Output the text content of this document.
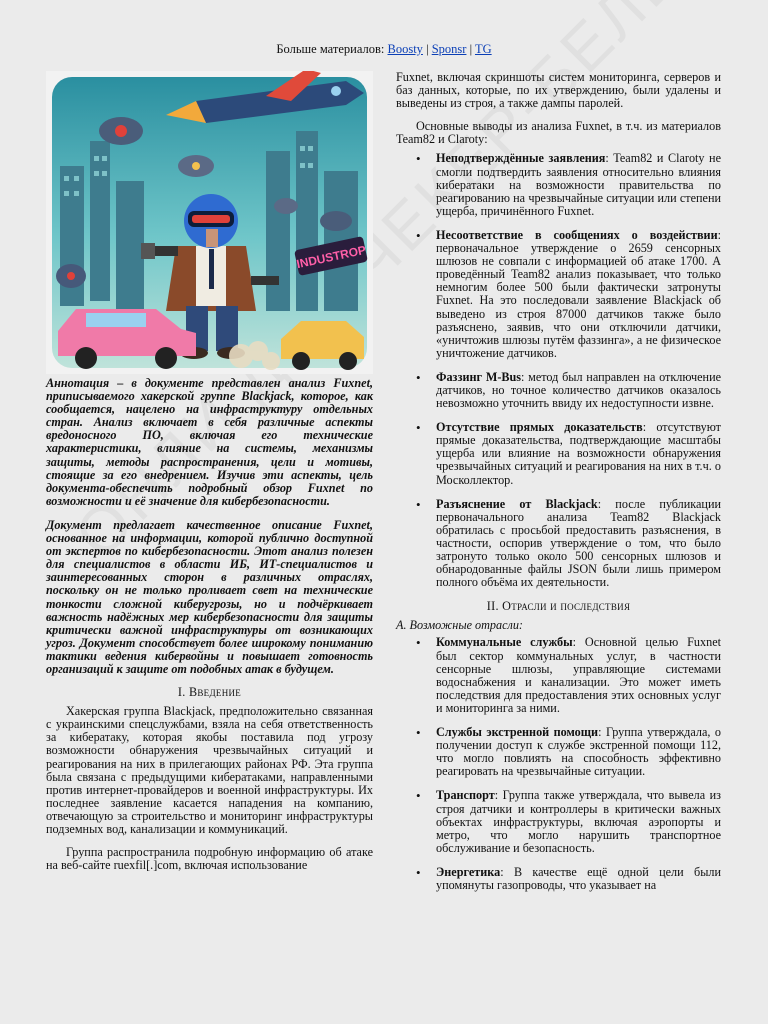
Больше материалов: Boosty | Sponsr | TG
INDUSTROP

Аннотация – в документе представлен анализ Fuxnet, приписываемого хакерской группе Blackjack, которое, как сообщается, нацелено на инфраструктуру отдельных стран. Анализ включает в себя различные аспекты вредоносного ПО, включая его технические характеристики, влияние на системы, механизмы защиты, методы распространения, цели и мотивы, стоящие за его внедрением. Изучив эти аспекты, цель документа-обеспечить подробный обзор Fuxnet по возможности и её значение для кибербезопасности.

Документ предлагает качественное описание Fuxnet, основанное на информации, которой публично доступной от экспертов по кибербезопасности. Этот анализ полезен для специалистов в области ИБ, ИТ-специалистов и заинтересованных сторон в различных отраслях, поскольку он не только проливает свет на технические тонкости сложной киберугрозы, но и подчёркивает важность надёжных мер кибербезопасности для защиты критически важной инфраструктуры от возникающих угроз. Документ способствует более широкому пониманию тактики ведения кибервойны и повышает готовность организаций к защите от подобных атак в будущем.

I. Введение

Хакерская группа Blackjack, предположительно связанная с украинскими спецслужбами, взяла на себя ответственность за кибератаку, которая якобы поставила под угрозу возможности обнаружения чрезвычайных ситуаций и реагирования на них в прилегающих районах РФ. Эта группа была связана с предыдущими кибератаками, направленными против интернет-провайдеров и военной инфраструктуры. Их последнее заявление касается нападения на компанию, отвечающую за строительство и мониторинг инфраструктуры подземных вод, канализации и коммуникаций.

Группа распространила подробную информацию об атаке на веб-сайте ruexfil[.]com, включая использование

Fuxnet, включая скриншоты систем мониторинга, серверов и баз данных, которые, по их утверждению, были удалены и выведены из строя, а также дампы паролей.

Основные выводы из анализа Fuxnet, в т.ч. из материалов Team82 и Claroty:

• Неподтверждённые заявления: Team82 и Claroty не смогли подтвердить заявления относительно влияния кибератаки на возможности правительства по реагированию на чрезвычайные ситуации или степени ущерба, причинённого Fuxnet.
• Несоответствие в сообщениях о воздействии: первоначальное утверждение о 2659 сенсорных шлюзов не совпали с информацией об атаке 1700. А проведённый Team82 анализ показывает, что только немногим более 500 были фактически затронуты Fuxnet. На это последовали заявление Blackjack об выведено из строя 87000 датчиков также было разъяснено, заявив, что они отключили датчики, «уничтожив шлюзы путём фаззинга», а не физическое уничтожение датчиков.
• Фаззинг M-Bus: метод был направлен на отключение датчиков, но точное количество датчиков оказалось невозможно уточнить ввиду их недоступности извне.
• Отсутствие прямых доказательств: отсутствуют прямые доказательства, подтверждающие масштабы ущерба или влияние на возможности обнаружения чрезвычайных ситуаций и реагирования на них в т.ч. о Москоллектор.
• Разъяснение от Blackjack: после публикации первоначального анализа Team82 Blackjack обратилась с просьбой предоставить разъяснения, в частности, оспорив утверждение о том, что было затронуто только около 500 сенсорных шлюзов и обнародованные файлы JSON были лишь примером полного объёма их деятельности.
II. Отрасли и последствия
A. Возможные отрасли:
• Коммунальные службы: Основной целью Fuxnet был сектор коммунальных услуг, в частности сенсорные шлюзы, управляющие системами водоснабжения и канализации. Это может иметь последствия для предоставления этих основных услуг и мониторинга за ними.
• Службы экстренной помощи: Группа утверждала, о получении доступ к службе экстренной помощи 112, что могло повлиять на способность эффективно реагировать на чрезвычайные ситуации.
• Транспорт: Группа также утверждала, что вывела из строя датчики и контроллеры в критически важных объектах инфраструктуры, включая аэропорты и метро, что могло нарушить транспортное обслуживание и безопасность.
• Энергетика: В качестве ещё одной цели были упомянуты газопроводы, что указывает на
